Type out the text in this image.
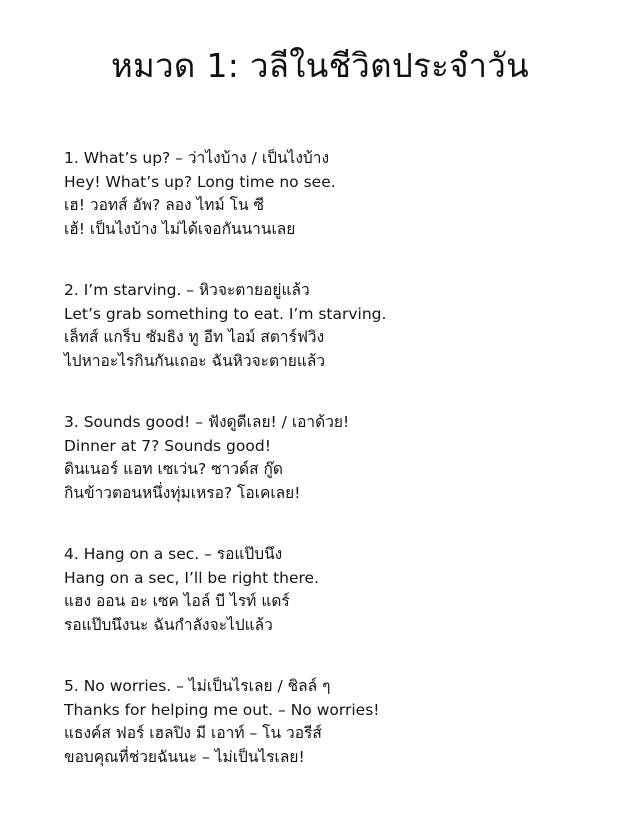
หมวด 1: วลีในชีวิตประจำวัน
1. What’s up? – ว่าไงบ้าง / เป็นไงบ้าง
Hey! What’s up? Long time no see.
เฮ! วอทส์ อัพ? ลอง ไทม์ โน ซี
เฮ้! เป็นไงบ้าง ไม่ได้เจอกันนานเลย
2. I’m starving. – หิวจะตายอยู่แล้ว
Let’s grab something to eat. I’m starving.
เล็ทส์ แกร็บ ซัมธิง ทู อีท ไอม์ สตาร์ฟวิง
ไปหาอะไรกินกันเถอะ ฉันหิวจะตายแล้ว
3. Sounds good! – ฟังดูดีเลย! / เอาด้วย!
Dinner at 7? Sounds good!
ดินเนอร์ แอท เซเว่น? ซาวด์ส กู๊ด
กินข้าวตอนหนึ่งทุ่มเหรอ? โอเคเลย!
4. Hang on a sec. – รอแป๊บนึง
Hang on a sec, I’ll be right there.
แฮง ออน อะ เซค ไอล์ บี ไรท์ แดร์
รอแป๊บนึงนะ ฉันกำลังจะไปแล้ว
5. No worries. – ไม่เป็นไรเลย / ชิลล์ ๆ
Thanks for helping me out. – No worries!
แธงค์ส ฟอร์ เฮลปิง มี เอาท์ – โน วอรีส์
ขอบคุณที่ช่วยฉันนะ – ไม่เป็นไรเลย!
